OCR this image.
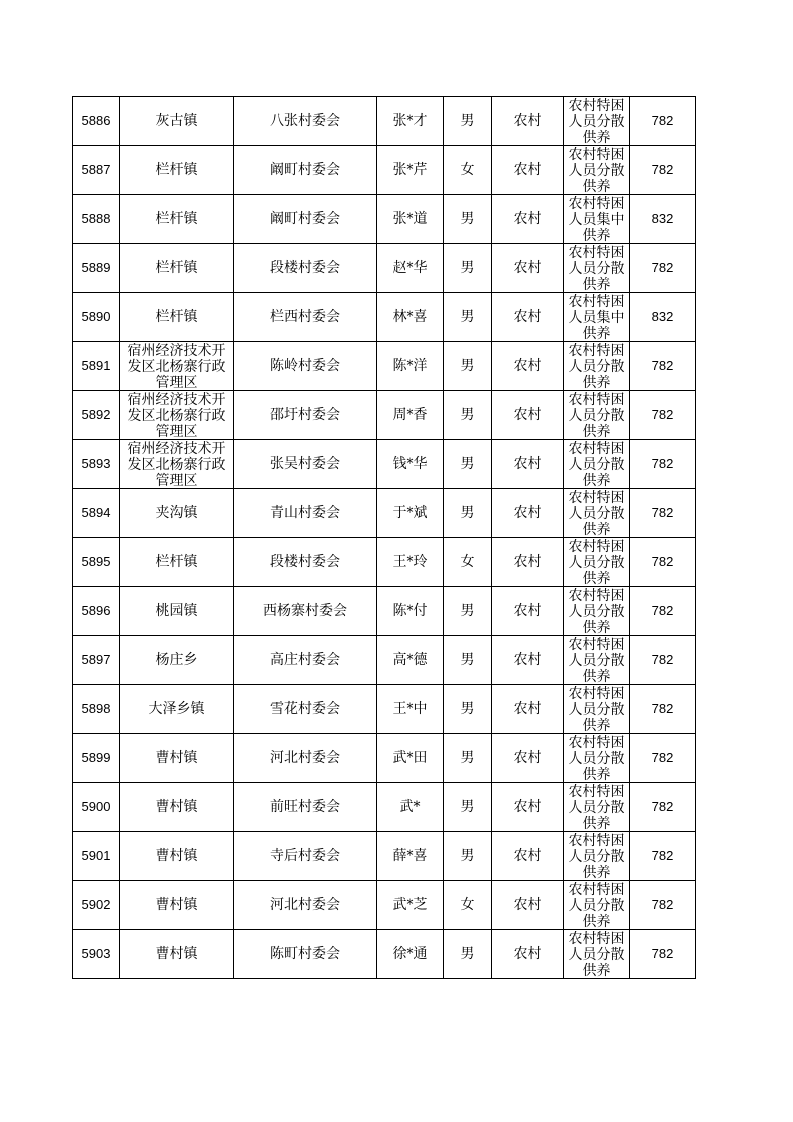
5886	灰古镇	八张村委会	张*才	男	农村	农村特困人员分散供养	782

5887	栏杆镇	阚町村委会	张*芹	女	农村	农村特困人员分散供养	782

5888	栏杆镇	阚町村委会	张*道	男	农村	农村特困人员集中供养	832

5889	栏杆镇	段楼村委会	赵*华	男	农村	农村特困人员分散供养	782

5890	栏杆镇	栏西村委会	林*喜	男	农村	农村特困人员集中供养	832

5891	宿州经济技术开发区北杨寨行政管理区	陈岭村委会	陈*洋	男	农村	农村特困人员分散供养	782

5892	宿州经济技术开发区北杨寨行政管理区	邵圩村委会	周*香	男	农村	农村特困人员分散供养	782

5893	宿州经济技术开发区北杨寨行政管理区	张吴村委会	钱*华	男	农村	农村特困人员分散供养	782

5894	夹沟镇	青山村委会	于*斌	男	农村	农村特困人员分散供养	782

5895	栏杆镇	段楼村委会	王*玲	女	农村	农村特困人员分散供养	782

5896	桃园镇	西杨寨村委会	陈*付	男	农村	农村特困人员分散供养	782

5897	杨庄乡	高庄村委会	高*德	男	农村	农村特困人员分散供养	782

5898	大泽乡镇	雪花村委会	王*中	男	农村	农村特困人员分散供养	782

5899	曹村镇	河北村委会	武*田	男	农村	农村特困人员分散供养	782

5900	曹村镇	前旺村委会	武*	男	农村	农村特困人员分散供养	782

5901	曹村镇	寺后村委会	薛*喜	男	农村	农村特困人员分散供养	782

5902	曹村镇	河北村委会	武*芝	女	农村	农村特困人员分散供养	782

5903	曹村镇	陈町村委会	徐*通	男	农村	农村特困人员分散供养	782
